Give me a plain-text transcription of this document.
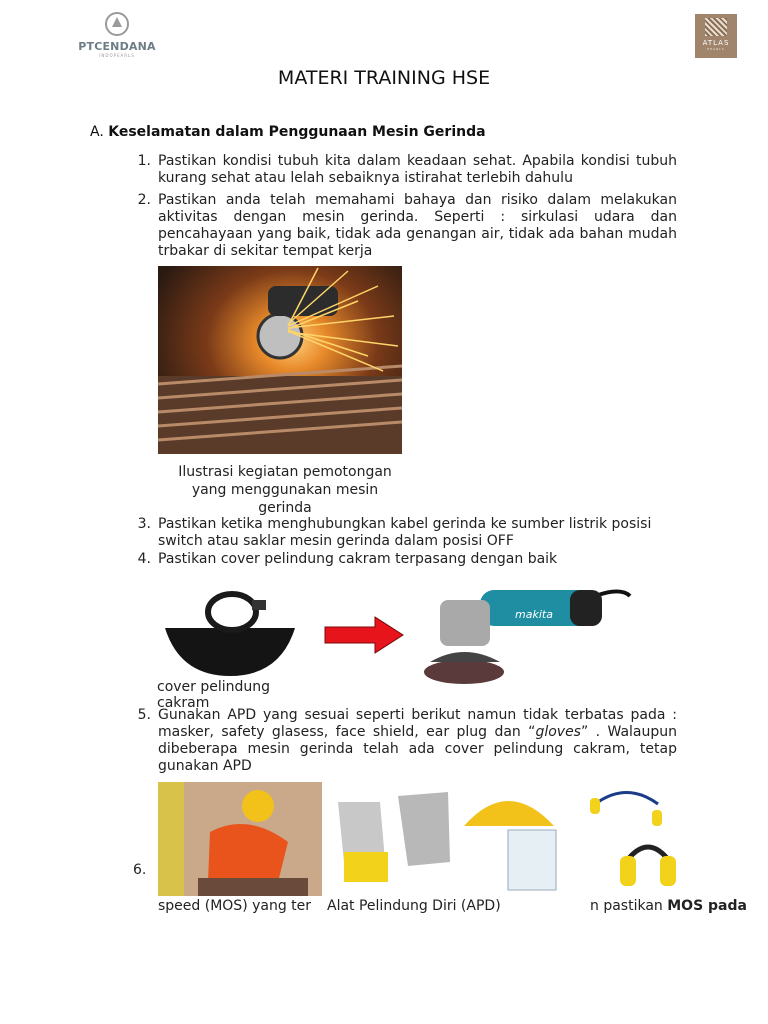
PTCENDANA
INDOPEARLS
ATLAS
PEARLS
MATERI TRAINING HSE
A. Keselamatan dalam Penggunaan Mesin Gerinda
1. Pastikan kondisi tubuh kita dalam keadaan sehat. Apabila kondisi tubuh kurang sehat atau lelah sebaiknya istirahat terlebih dahulu
2. Pastikan anda telah memahami bahaya dan risiko dalam melakukan aktivitas dengan mesin gerinda. Seperti : sirkulasi udara dan pencahayaan yang baik, tidak ada genangan air, tidak ada bahan mudah trbakar di sekitar tempat kerja
Ilustrasi kegiatan pemotongan yang menggunakan mesin gerinda
3. Pastikan ketika menghubungkan kabel gerinda ke sumber listrik posisi switch atau saklar mesin gerinda dalam posisi OFF
4. Pastikan cover pelindung cakram terpasang dengan baik
makita
cover pelindung cakram
5. Gunakan APD yang sesuai seperti berikut namun tidak terbatas pada : masker, safety glasess, face shield, ear plug dan “gloves” . Walaupun dibeberapa mesin gerinda telah ada cover pelindung cakram, tetap gunakan APD
6.
speed (MOS) yang ter	n pastikan MOS pada
Alat Pelindung Diri (APD)
